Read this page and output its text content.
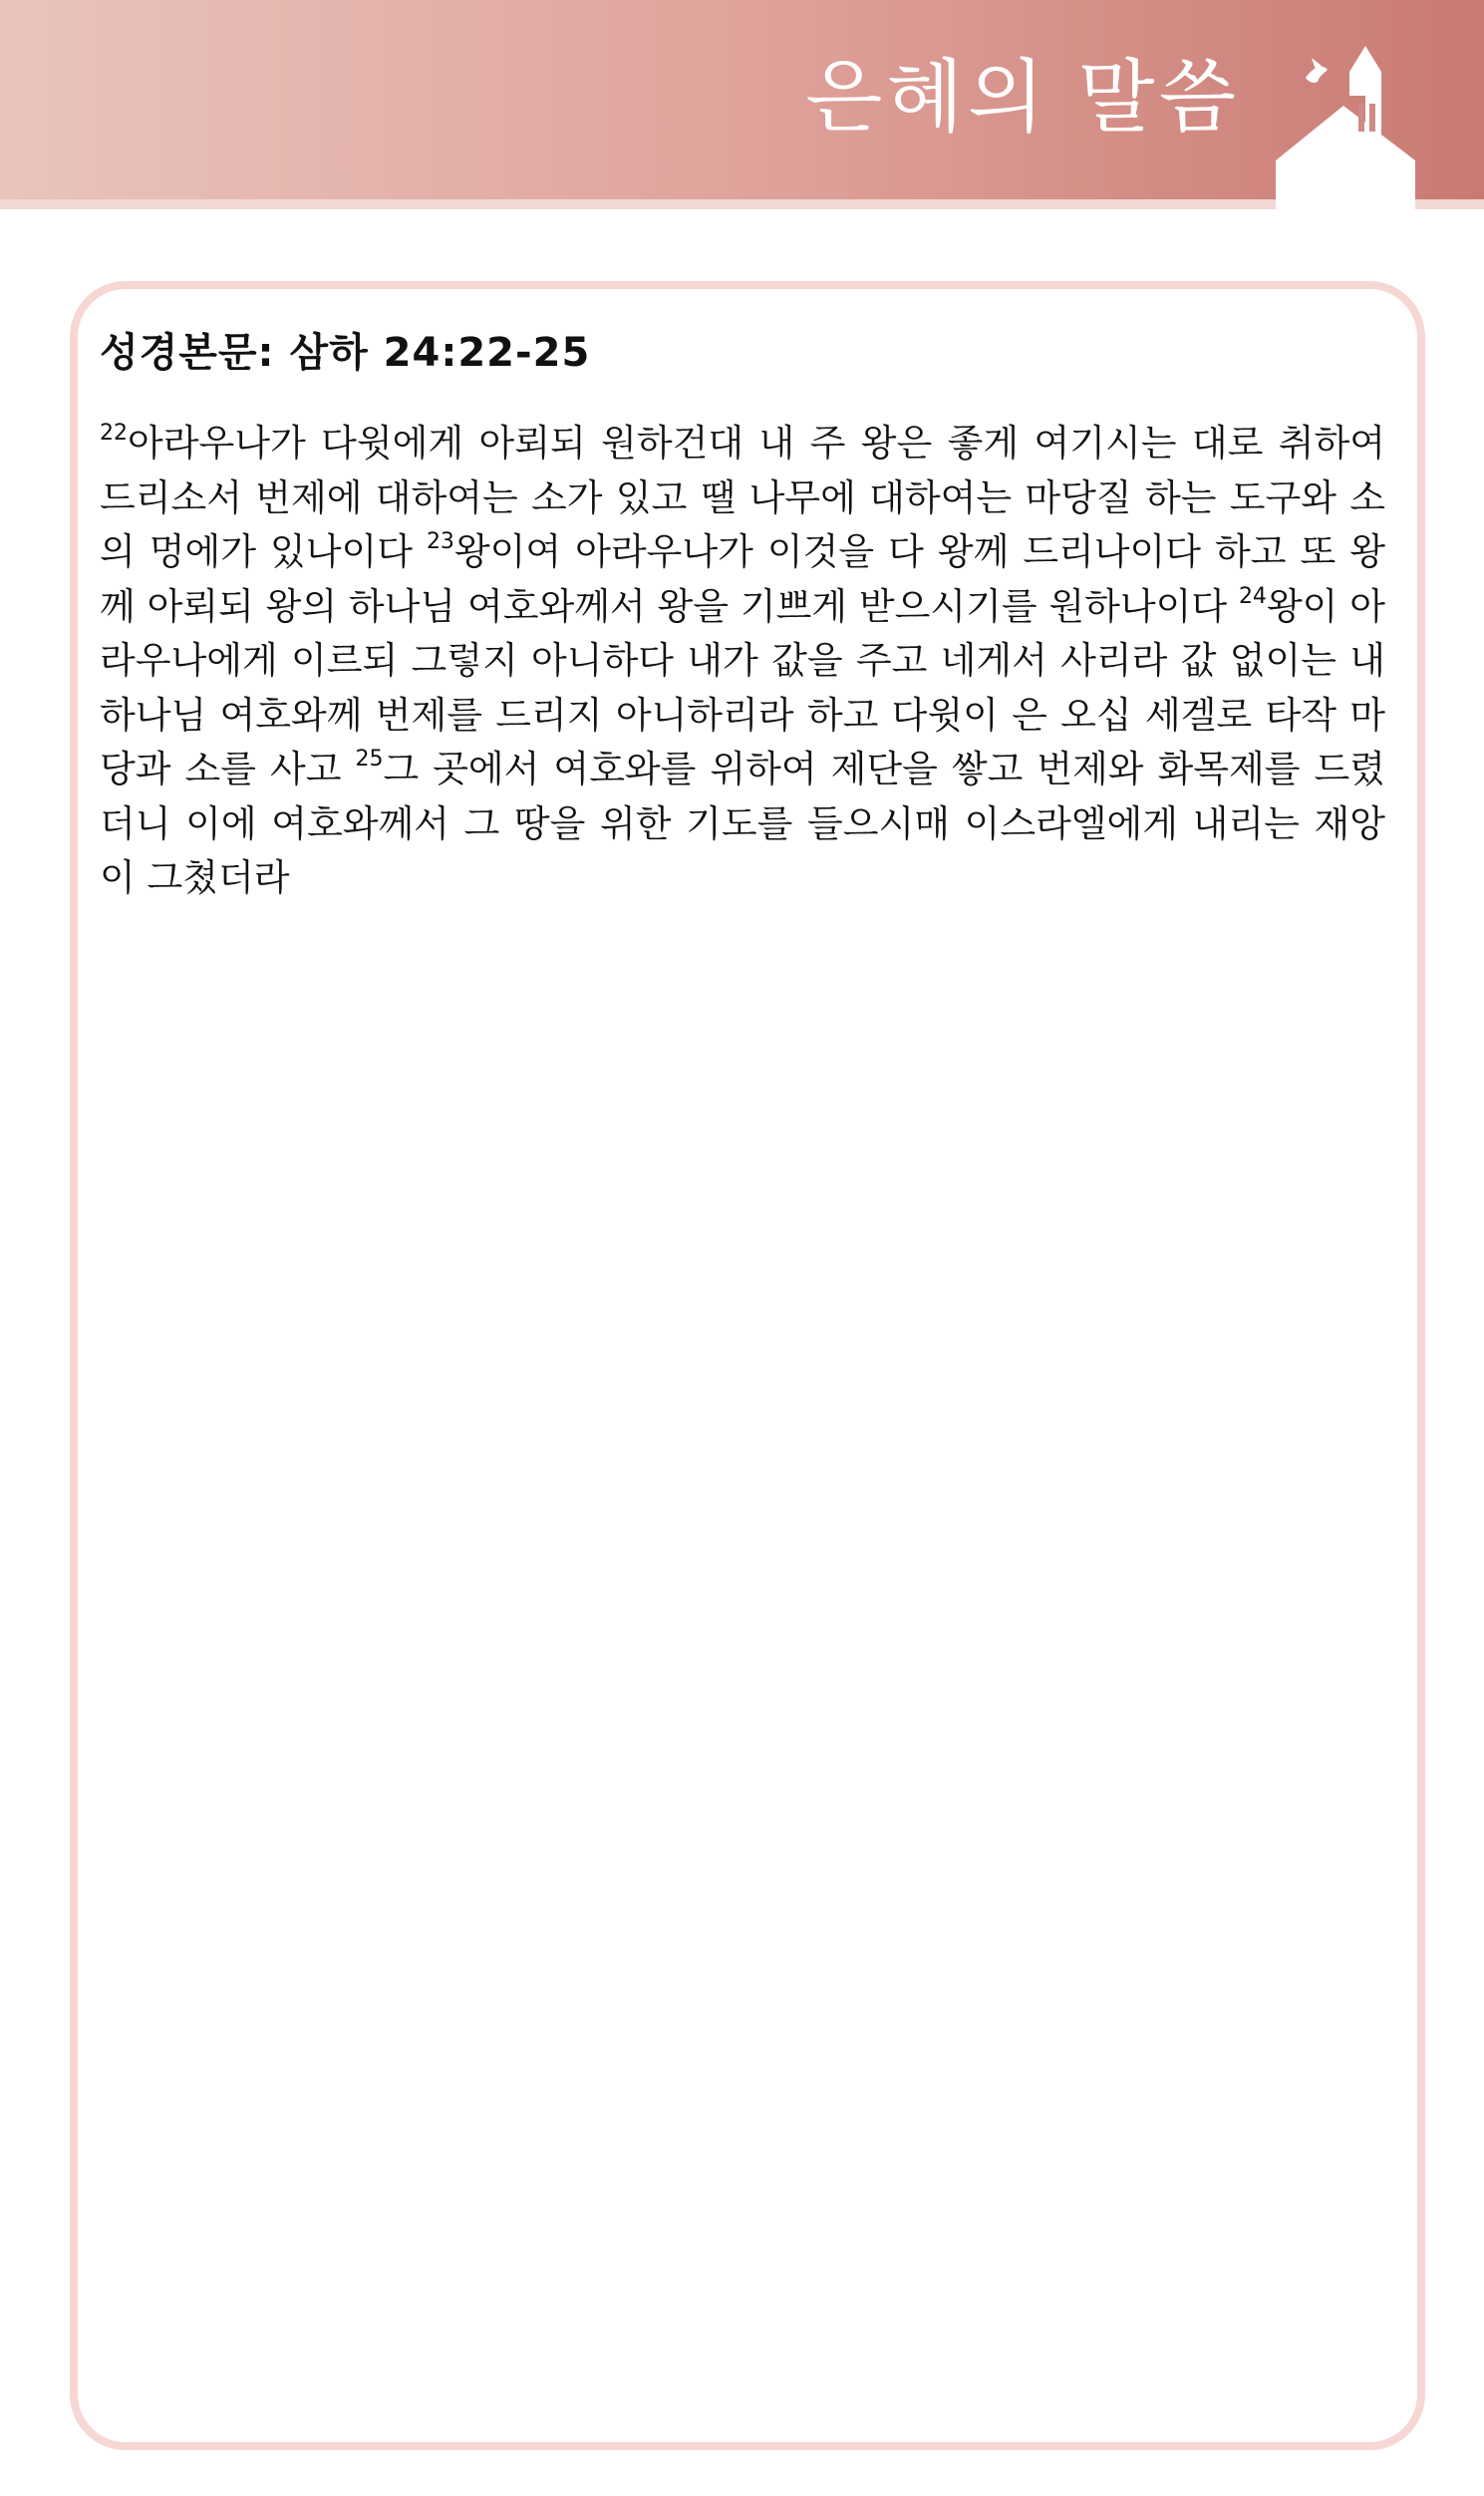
은혜의 말씀
성경본문: 삼하 24:22-25
$^{22}$아라우나가 다윗에게 아뢰되 원하건대 내 주 왕은 좋게 여기시는 대로 취하여 드리소서 번제에 대하여는 소가 있고 땔 나무에 대하여는 마당질 하는 도구와 소의 멍에가 있나이다 $^{23}$왕이여 아라우나가 이것을 다 왕께 드리나이다 하고 또 왕께 아뢰되 왕의 하나님 여호와께서 왕을 기쁘게 받으시기를 원하나이다 $^{24}$왕이 아라우나에게 이르되 그렇지 아니하다 내가 값을 주고 네게서 사리라 값 없이는 내 하나님 여호와께 번제를 드리지 아니하리라 하고 다윗이 은 오십 세겔로 타작 마당과 소를 사고 $^{25}$그 곳에서 여호와를 위하여 제단을 쌓고 번제와 화목제를 드렸더니 이에 여호와께서 그 땅을 위한 기도를 들으시매 이스라엘에게 내리는 재앙이 그쳤더라
